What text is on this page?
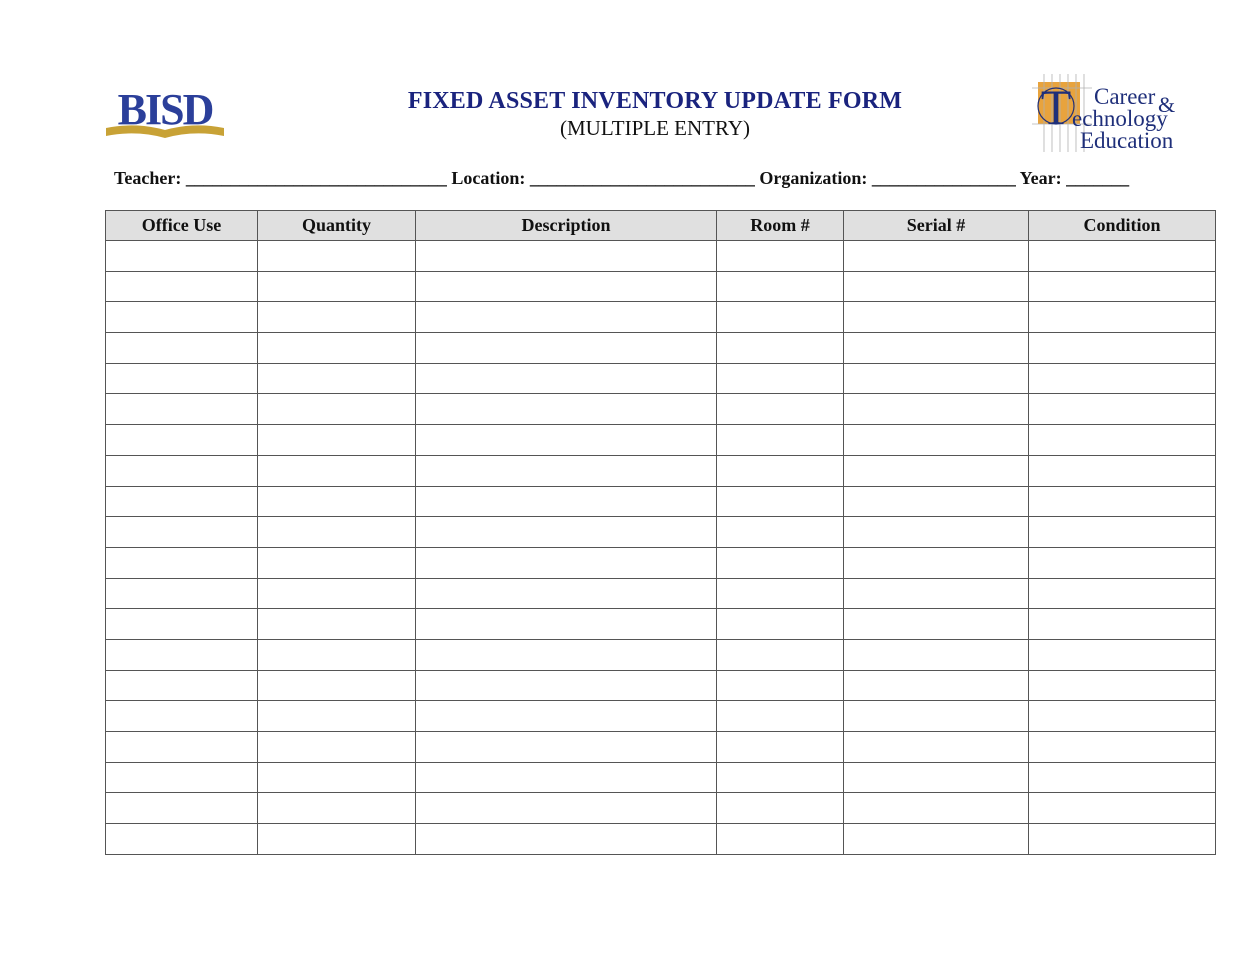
BISD	FIXED ASSET INVENTORY UPDATE FORM
(MULTIPLE ENTRY)	T Career &
echnology
Education
Teacher: _____________________________ Location: _________________________ Organization: ________________ Year: _______
Office Use	Quantity	Description	Room #	Serial #	Condition
